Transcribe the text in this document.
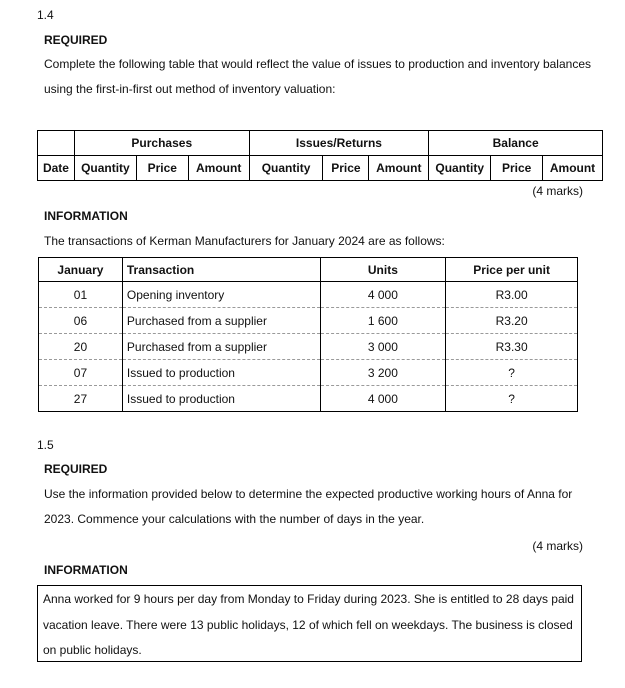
1.4
REQUIRED
Complete the following table that would reflect the value of issues to production and inventory balances
using the first-in-first out method of inventory valuation:
	Purchases			Issues/Returns			Balance		
Date	Quantity	Price	Amount	Quantity	Price	Amount	Quantity	Price	Amount
(4 marks)
INFORMATION
The transactions of Kerman Manufacturers for January 2024 are as follows:
January	Transaction	Units	Price per unit
01	Opening inventory	4 000	R3.00
06	Purchased from a supplier	1 600	R3.20
20	Purchased from a supplier	3 000	R3.30
07	Issued to production	3 200	?
27	Issued to production	4 000	?
1.5
REQUIRED
Use the information provided below to determine the expected productive working hours of Anna for
2023. Commence your calculations with the number of days in the year.
(4 marks)
INFORMATION
Anna worked for 9 hours per day from Monday to Friday during 2023. She is entitled to 28 days paid
vacation leave. There were 13 public holidays, 12 of which fell on weekdays. The business is closed
on public holidays.
